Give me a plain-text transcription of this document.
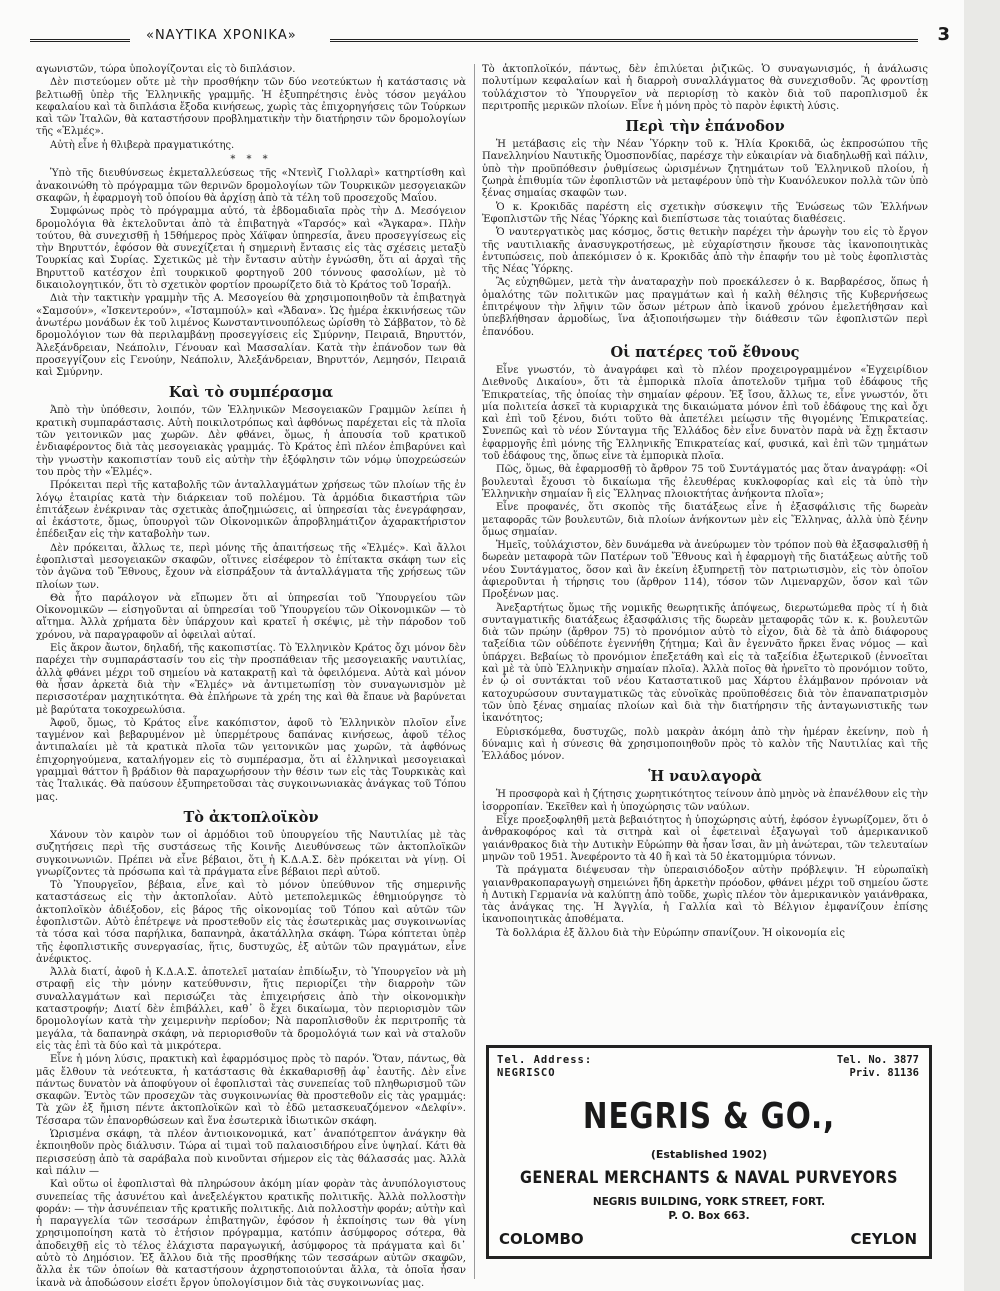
«ΝΑΥΤΙΚΑ ΧΡΟΝΙΚΑ»	3

αγωνιστῶν, τώρα ὑπολογίζονται εἰς τὸ διπλάσιον.

Δὲν πιστεύομεν οὔτε μὲ τὴν προσθήκην τῶν δύο νεοτεύκτων ἡ κατάστασις νὰ βελτιωθῇ ὑπὲρ τῆς Ἑλληνικῆς γραμμῆς. Ἡ ἐξυπηρέτησις ἑνὸς τόσον μεγάλου κεφαλαίου καὶ τὰ διπλάσια ἔξοδα κινήσεως, χωρὶς τὰς ἐπιχορηγήσεις τῶν Τούρκων καὶ τῶν Ἰταλῶν, θὰ καταστήσουν προβληματικὴν τὴν διατήρησιν τῶν δρομολογίων τῆς «Ἑλμές».

Αὐτὴ εἶνε ἡ θλιβερὰ πραγματικότης.

* * *

Ὑπὸ τῆς διευθύνσεως ἐκμεταλλεύσεως τῆς «Ντενὶζ Γιολλαρὶ» κατηρτίσθη καὶ ἀνακοινώθη τὸ πρόγραμμα τῶν θερινῶν δρομολογίων τῶν Τουρκικῶν μεσογειακῶν σκαφῶν, ἡ ἐφαρμογὴ τοῦ ὁποίου θὰ ἀρχίσῃ ἀπὸ τὰ τέλη τοῦ προσεχοῦς Μαΐου.

Συμφώνως πρὸς τὸ πρόγραμμα αὐτό, τὰ ἑβδομαδιαῖα πρὸς τὴν Δ. Μεσόγειον δρομολόγια θὰ ἐκτελοῦνται ἀπὸ τὰ ἐπιβατηγὰ «Ταρσός» καὶ «Ἄγκαρα». Πλὴν τούτου, θὰ συνεχισθῇ ἡ 15θήμερος πρὸς Χάϊφαν ὑπηρεσία, ἄνευ προσεγγίσεως εἰς τὴν Βηρυττόν, ἐφόσον θὰ συνεχίζεται ἡ σημερινὴ ἔντασις εἰς τὰς σχέσεις μεταξὺ Τουρκίας καὶ Συρίας. Σχετικῶς μὲ τὴν ἔντασιν αὐτὴν ἐγνώσθη, ὅτι αἱ ἀρχαὶ τῆς Βηρυττοῦ κατέσχον ἐπὶ τουρκικοῦ φορτηγοῦ 200 τόννους φασολίων, μὲ τὸ δικαιολογητικόν, ὅτι τὸ σχετικὸν φορτίον προωρίζετο διὰ τὸ Κράτος τοῦ Ἰσραήλ.

Διὰ τὴν τακτικὴν γραμμὴν τῆς Α. Μεσογείου θὰ χρησιμοποιηθοῦν τὰ ἐπιβατηγὰ «Σαμσούν», «Ἰσκεντερούν», «Ἰσταμπούλ» καὶ «Ἄδανα». Ὡς ἡμέρα ἐκκινήσεως τῶν ἀνωτέρω μονάδων ἐκ τοῦ λιμένος Κωνσταντινουπόλεως ὡρίσθη τὸ Σάββατον, τὸ δὲ δρομολόγιον των θὰ περιλαμβάνῃ προσεγγίσεις εἰς Σμύρνην, Πειραιᾶ, Βηρυττόν, Ἀλεξάνδρειαν, Νεάπολιν, Γένουαν καὶ Μασσαλίαν. Κατὰ τὴν ἐπάνοδον των θὰ προσεγγίζουν εἰς Γενούην, Νεάπολιν, Ἀλεξάνδρειαν, Βηρυττόν, Λεμησόν, Πειραιᾶ καὶ Σμύρνην.

Καὶ τὸ συμπέρασμα

Ἀπὸ τὴν ὑπόθεσιν, λοιπόν, τῶν Ἑλληνικῶν Μεσογειακῶν Γραμμῶν λείπει ἡ κρατικὴ συμπαράστασις. Αὐτὴ ποικιλοτρόπως καὶ ἀφθόνως παρέχεται εἰς τὰ πλοῖα τῶν γειτονικῶν μας χωρῶν. Δὲν φθάνει, ὅμως, ἡ ἀπουσία τοῦ κρατικοῦ ἐνδιαφέροντος διὰ τὰς μεσογειακὰς γραμμάς. Τὸ Κράτος ἐπὶ πλέον ἐπιβαρύνει καὶ τὴν γνωστὴν κακοπιστίαν τουῦ εἰς αὐτὴν τὴν ἐξόφλησιν τῶν νόμῳ ὑποχρεώσεών του πρὸς τὴν «Ἑλμές».

Πρόκειται περὶ τῆς καταβολῆς τῶν ἀνταλλαγμάτων χρήσεως τῶν πλοίων τῆς ἐν λόγῳ ἑταιρίας κατὰ τὴν διάρκειαν τοῦ πολέμου. Τὰ ἁρμόδια δικαστήρια τῶν ἐπιτάξεων ἐνέκριναν τὰς σχετικὰς ἀποζημιώσεις, αἱ ὑπηρεσίαι τὰς ἐνεγράφησαν, αἱ ἐκάστοτε, ὅμως, ὑπουργοὶ τῶν Οἰκονομικῶν ἀπροβλημάτιζον ἀχαρακτήριστον ἐπέδειξαν εἰς τὴν καταβολὴν των.

Δὲν πρόκειται, ἄλλως τε, περὶ μόνης τῆς ἀπαιτήσεως τῆς «Ἑλμές». Καὶ ἄλλοι ἐφοπλισταὶ μεσογειακῶν σκαφῶν, οἵτινες εἰσέφερον τὸ ἐπίτακτα σκάφη των εἰς τὸν ἀγῶνα τοῦ Ἔθνους, ἔχουν νὰ εἰσπράξουν τὰ ἀνταλλάγματα τῆς χρήσεως τῶν πλοίων των.

Θὰ ἦτο παράλογον νὰ εἴπωμεν ὅτι αἱ ὑπηρεσίαι τοῦ Ὑπουργείου τῶν Οἰκονομικῶν — εἰσηγοῦνται αἱ ὑπηρεσίαι τοῦ Ὑπουργείου τῶν Οἰκονομικῶν — τὸ αἴτημα. Ἀλλὰ χρήματα δὲν ὑπάρχουν καὶ κρατεῖ ἡ σκέψις, μὲ τὴν πάροδον τοῦ χρόνου, νὰ παραγραφοῦν αἱ ὀφειλαὶ αὐταί.

Εἰς ἄκρον ἄωτον, δηλαδή, τῆς κακοπιστίας. Τὸ Ἑλληνικὸν Κράτος ὄχι μόνον δὲν παρέχει τὴν συμπαράστασίν του εἰς τὴν προσπάθειαν τῆς μεσογειακῆς ναυτιλίας, ἀλλὰ φθάνει μέχρι τοῦ σημείου νὰ κατακρατῇ καὶ τὰ ὀφειλόμενα. Αὐτὰ καὶ μόνον θὰ ἦσαν ἀρκετὰ διὰ τὴν «Ἑλμές» νὰ ἀντιμετωπίσῃ τὸν συναγωνισμὸν μὲ περισσοτέραν μαχητικότητα. Θὰ ἐπλήρωνε τὰ χρέη της καὶ θὰ ἔπαυε νὰ βαρύνεται μὲ βαρύτατα τοκοχρεωλύσια.

Ἀφοῦ, ὅμως, τὸ Κράτος εἶνε κακόπιστον, ἀφοῦ τὸ Ἑλληνικὸν πλοῖον εἶνε ταγμένον καὶ βεβαρυμένον μὲ ὑπερμέτρους δαπάνας κινήσεως, ἀφοῦ τέλος ἀντιπαλαίει μὲ τὰ κρατικὰ πλοῖα τῶν γειτονικῶν μας χωρῶν, τὰ ἀφθόνως ἐπιχορηγούμενα, καταλήγομεν εἰς τὸ συμπέρασμα, ὅτι αἱ ἑλληνικαὶ μεσογειακαὶ γραμμαὶ θάττον ἢ βράδιον θὰ παραχωρήσουν τὴν θέσιν των εἰς τὰς Τουρκικὰς καὶ τὰς Ἰταλικάς. Θὰ παύσουν ἐξυπηρετοῦσαι τὰς συγκοινωνιακὰς ἀνάγκας τοῦ Τόπου μας.

Τὸ ἀκτοπλοϊκὸν

Χάνουν τὸν καιρὸν των οἱ ἁρμόδιοι τοῦ ὑπουργείου τῆς Ναυτιλίας μὲ τὰς συζητήσεις περὶ τῆς συστάσεως τῆς Κοινῆς Διευθύνσεως τῶν ἀκτοπλοϊκῶν συγκοινωνιῶν. Πρέπει νὰ εἶνε βέβαιοι, ὅτι ἡ Κ.Δ.Α.Σ. δὲν πρόκειται νὰ γίνῃ. Οἱ γνωρίζοντες τὰ πρόσωπα καὶ τὰ πράγματα εἶνε βέβαιοι περὶ αὐτοῦ.

Τὸ Ὑπουργεῖον, βέβαια, εἶνε καὶ τὸ μόνον ὑπεύθυνον τῆς σημερινῆς καταστάσεως εἰς τὴν ἀκτοπλοΐαν. Αὐτὸ μετεπολεμικῶς ἐθημιούργησε τὸ ἀκτοπλοϊκὸν ἀδιέξοδον, εἰς βάρος τῆς οἰκονομίας τοῦ Τόπου καὶ αὐτῶν τῶν ἐφοπλιστῶν. Αὐτὸ ἐπέτρεψε νὰ προστεθοῦν εἰς τὰς ἐσωτερικὰς μας συγκοινωνίας τὰ τόσα καὶ τόσα παρήλικα, δαπανηρὰ, ἀκατάλληλα σκάφη. Τώρα κόπτεται ὑπὲρ τῆς ἐφοπλιστικῆς συνεργασίας, ἥτις, δυστυχῶς, ἐξ αὐτῶν τῶν πραγμάτων, εἶνε ἀνέφικτος.

Ἀλλὰ διατί, ἀφοῦ ἡ Κ.Δ.Α.Σ. ἀποτελεῖ ματαίαν ἐπιδίωξιν, τὸ Ὑπουργεῖον νὰ μὴ στραφῇ εἰς τὴν μόνην κατεύθυνσιν, ἥτις περιορίζει τὴν διαρροὴν τῶν συναλλαγμάτων καὶ περισώζει τὰς ἐπιχειρήσεις ἀπὸ τὴν οἰκονομικὴν καταστροφήν; Διατί δὲν ἐπιβάλλει, καθ᾽ ὃ ἔχει δικαίωμα, τὸν περιορισμὸν τῶν δρομολογίων κατὰ τὴν χειμερινὴν περίοδον; Νὰ παροπλισθοῦν ἐκ περιτροπῆς τὰ μεγάλα, τὰ δαπανηρὰ σκάφη, νὰ περιορισθοῦν τὰ δρομολόγιά των καὶ νὰ σταλοῦν εἰς τὰς ἐπὶ τὰ δύο καὶ τὰ μικρότερα.

Εἶνε ἡ μόνη λύσις, πρακτικὴ καὶ ἐφαρμόσιμος πρὸς τὸ παρόν. Ὅταν, πάντως, θὰ μᾶς ἔλθουν τὰ νεότευκτα, ἡ κατάστασις θὰ ἐκκαθαρισθῇ ἀφ᾽ ἑαυτῆς. Δὲν εἶνε πάντως δυνατὸν νὰ ἀποφύγουν οἱ ἐφοπλισταὶ τὰς συνεπείας τοῦ πληθωρισμοῦ τῶν σκαφῶν. Ἐντὸς τῶν προσεχῶν τὰς συγκοινωνίας θὰ προστεθοῦν εἰς τὰς γραμμάς: Τὰ χῶν ἐξ ἤμιση πέντε ἀκτοπλοϊκῶν καὶ τὸ ἐδῶ μετασκευαζόμενον «Δελφίν». Τέσσαρα τῶν ἐπανορθώσεων καὶ ἕνα ἐσωτερικὰ ἰδιωτικῶν σκάφη.

Ὡρισμένα σκάφη, τὰ πλέον ἀντιοικονομικά, κατ᾽ ἀναπότρεπτον ἀνάγκην θὰ ἐκποιηθοῦν πρὸς διάλυσιν. Τώρα αἱ τιμαὶ τοῦ παλαιοσιδήρου εἶνε ὑψηλαί. Κάτι θὰ περισσεύσῃ ἀπὸ τὰ σαράβαλα ποὺ κινοῦνται σήμερον εἰς τὰς θάλασσάς μας. Ἀλλὰ καὶ πάλιν —

Καὶ οὕτω οἱ ἐφοπλισταὶ θὰ πληρώσουν ἀκόμη μίαν φορὰν τὰς ἀνυπόλογιστους συνεπείας τῆς ἀσυνέτου καὶ ἀνεξελέγκτου κρατικῆς πολιτικῆς. Ἀλλὰ πολλοστὴν φοράν: — τὴν ἀσυνέπειαν τῆς κρατικῆς πολιτικῆς. Διὰ πολλοστὴν φοράν; αὐτὴν καὶ ἡ παραγγελία τῶν τεσσάρων ἐπιβατηγῶν, ἐφόσον ἡ ἐκποίησις των θὰ γίνη χρησιμοποίηση κατὰ τὸ ἐτήσιον πρόγραμμα, κατόπιν ἀσύμφορος σότερα, θὰ ἀποδειχθῇ εἰς τὸ τέλος ἐλάχιστα παραγωγική, ἀσύμφορος τὰ πράγματα καὶ δι᾽ αὐτὸ τὸ Δημόσιον. Ἐξ ἄλλου διὰ τῆς προσθήκης τῶν τεσσάρων αὐτῶν σκαφῶν, ἄλλα ἐκ τῶν ὁποίων θὰ καταστήσουν ἀχρηστοποιούνται ἄλλα, τὰ ὁποῖα ἦσαν ἱκανὰ νὰ ἀποδώσουν εἰσέτι ἔργον ὑπολογίσιμον διὰ τὰς συγκοινωνίας μας.

Τὸ ἀκτοπλοϊκόν, πάντως, δὲν ἐπιλύεται ῥιζικῶς. Ὁ συναγωνισμός, ἡ ἀνάλωσις πολυτίμων κεφαλαίων καὶ ἡ διαρροὴ συναλλάγματος θὰ συνεχισθοῦν. Ἂς φροντίσῃ τοὐλάχιστον τὸ Ὑπουργεῖον νὰ περιορίσῃ τὸ κακὸν διὰ τοῦ παροπλισμοῦ ἐκ περιτροπῆς μερικῶν πλοίων. Εἶνε ἡ μόνη πρὸς τὸ παρὸν ἐφικτὴ λύσις.

Περὶ τὴν ἐπάνοδον

Ἡ μετάβασις εἰς τὴν Νέαν Ὑόρκην τοῦ κ. Ἠλία Κροκιδᾶ, ὡς ἐκπροσώπου τῆς Πανελληνίου Ναυτικῆς Ὁμοσπονδίας, παρέσχε τὴν εὐκαιρίαν νὰ διαδηλωθῇ καὶ πάλιν, ὑπὸ τὴν προϋπόθεσιν ῥυθμίσεως ὡρισμένων ζητημάτων τοῦ Ἑλληνικοῦ πλοίου, ἡ ζωηρὰ ἐπιθυμία τῶν ἐφοπλιστῶν νὰ μεταφέρουν ὑπὸ τὴν Κυανόλευκον πολλὰ τῶν ὑπὸ ξένας σημαίας σκαφῶν των.

Ὁ κ. Κροκιδᾶς παρέστη εἰς σχετικὴν σύσκεψιν τῆς Ἑνώσεως τῶν Ἑλλήνων Ἐφοπλιστῶν τῆς Νέας Ὑόρκης καὶ διεπίστωσε τὰς τοιαύτας διαθέσεις.

Ὁ ναυτεργατικὸς μας κόσμος, ὅστις θετικὴν παρέχει τὴν ἀρωγὴν του εἰς τὸ ἔργον τῆς ναυτιλιακῆς ἀνασυγκροτήσεως, μὲ εὐχαρίστησιν ἤκουσε τὰς ἱκανοποιητικὰς ἐντυπώσεις, ποὺ ἀπεκόμισεν ὁ κ. Κροκιδᾶς ἀπὸ τὴν ἐπαφήν του μὲ τοὺς ἐφοπλιστὰς τῆς Νέας Ὑόρκης.

Ἂς εὐχηθῶμεν, μετὰ τὴν ἀναταραχὴν ποὺ προεκάλεσεν ὁ κ. Βαρβαρέσος, ὅπως ἡ ὁμαλότης τῶν πολιτικῶν μας πραγμάτων καὶ ἡ καλὴ θέλησις τῆς Κυβερνήσεως ἐπιτρέψουν τὴν λῆψιν τῶν ὅσων μέτρων ἀπὸ ἱκανοῦ χρόνου ἐμελετήθησαν καὶ ὑπεβλήθησαν ἁρμοδίως, ἵνα ἀξιοποιήσωμεν τὴν διάθεσιν τῶν ἐφοπλιστῶν περὶ ἐπανόδου.

Οἱ πατέρες τοῦ ἔθνους

Εἶνε γνωστόν, τὸ ἀναγράφει καὶ τὸ πλέον προχειρογραμμένον «Ἐγχειρίδιον Διεθνοῦς Δικαίου», ὅτι τὰ ἐμπορικὰ πλοῖα ἀποτελοῦν τμῆμα τοῦ ἐδάφους τῆς Ἐπικρατείας, τῆς ὁποίας τὴν σημαίαν φέρουν. Ἐξ ἴσου, ἄλλως τε, εἶνε γνωστόν, ὅτι μία πολιτεία ἀσκεῖ τὰ κυριαρχικὰ της δικαιώματα μόνον ἐπὶ τοῦ ἐδάφους της καὶ ὄχι καὶ ἐπὶ τοῦ ξένου, διότι τοῦτο θὰ ἀπετέλει μείωσιν τῆς θιγομένης Ἐπικρατείας. Συνεπῶς καὶ τὸ νέον Σύνταγμα τῆς Ἑλλάδος δὲν εἶνε δυνατὸν παρὰ νὰ ἔχῃ ἔκτασιν ἐφαρμογῆς ἐπὶ μόνης τῆς Ἑλληνικῆς Ἐπικρατείας καί, φυσικά, καὶ ἐπὶ τῶν τμημάτων τοῦ ἐδάφους της, ὅπως εἶνε τὰ ἐμπορικὰ πλοῖα.

Πῶς, ὅμως, θὰ ἐφαρμοσθῇ τὸ ἄρθρον 75 τοῦ Συντάγματός μας ὅταν ἀναγράφῃ: «Οἱ βουλευταὶ ἔχουσι τὸ δικαίωμα τῆς ἐλευθέρας κυκλοφορίας καὶ εἰς τὰ ὑπὸ τὴν Ἑλληνικὴν σημαίαν ἢ εἰς Ἕλληνας πλοιοκτήτας ἀνήκοντα πλοῖα»;

Εἶνε προφανές, ὅτι σκοπὸς τῆς διατάξεως εἶνε ἡ ἐξασφάλισις τῆς δωρεὰν μεταφορᾶς τῶν βουλευτῶν, διὰ πλοίων ἀνήκοντων μὲν εἰς Ἕλληνας, ἀλλὰ ὑπὸ ξένην ὅμως σημαίαν.

Ἡμεῖς, τοὐλάχιστον, δὲν δυνάμεθα νὰ ἀνεύρωμεν τὸν τρόπον ποὺ θὰ ἐξασφαλισθῇ ἡ δωρεὰν μεταφορὰ τῶν Πατέρων τοῦ Ἔθνους καὶ ἡ ἐφαρμογὴ τῆς διατάξεως αὐτῆς τοῦ νέου Συντάγματος, ὅσον καὶ ἂν ἐκείνη ἐξυπηρετῇ τὸν πατριωτισμὸν, εἰς τὸν ὁποῖον ἀφιεροῦνται ἡ τήρησις του (ἄρθρον 114), τόσον τῶν Λιμεναρχῶν, ὅσον καὶ τῶν Προξένων μας.

Ἀνεξαρτήτως ὅμως τῆς νομικῆς θεωρητικῆς ἀπόψεως, διερωτώμεθα πρὸς τί ἡ διὰ συνταγματικῆς διατάξεως ἐξασφάλισις τῆς δωρεὰν μεταφορᾶς τῶν κ. κ. βουλευτῶν διὰ τῶν πρώην (ἄρθρον 75) τὸ προνόμιον αὐτὸ τὸ εἶχον, διὰ δὲ τὰ ἀπὸ διάφορους ταξείδια τῶν οὐδέποτε ἐγεννήθη ζήτημα; Καὶ ἂν ἐγεννᾶτο ἤρκει ἕνας νόμος — καὶ ὑπάρχει. Βεβαίως τὸ προνόμιον ἐπεξετάθη καὶ εἰς τὰ ταξείδια ἐξωτερικοῦ (ἐννοεῖται καὶ μὲ τὰ ὑπὸ Ἑλληνικὴν σημαίαν πλοῖα). Ἀλλὰ ποῖος θὰ ἠρνεῖτο τὸ προνόμιον τοῦτο, ἐν ᾧ οἱ συντάκται τοῦ νέου Καταστατικοῦ μας Χάρτου ἐλάμβανον πρόνοιαν νὰ κατοχυρώσουν συνταγματικῶς τὰς εὐνοϊκὰς προϋποθέσεις διὰ τὸν ἐπαναπατρισμὸν τῶν ὑπὸ ξένας σημαίας πλοίων καὶ διὰ τὴν διατήρησιν τῆς ἀνταγωνιστικῆς των ἱκανότητος;

Εὑρισκόμεθα, δυστυχῶς, πολὺ μακρὰν ἀκόμη ἀπὸ τὴν ἡμέραν ἐκείνην, ποὺ ἡ δύναμις καὶ ἡ σύνεσις θὰ χρησιμοποιηθοῦν πρὸς τὸ καλὸν τῆς Ναυτιλίας καὶ τῆς Ἑλλάδος μόνον.

Ἡ ναυλαγορὰ

Ἡ προσφορὰ καὶ ἡ ζήτησις χωρητικότητος τείνουν ἀπὸ μηνὸς νὰ ἐπανέλθουν εἰς τὴν ἰσορροπίαν. Ἐκεῖθεν καὶ ἡ ὑποχώρησις τῶν ναύλων.

Εἶχε προεξοφληθῆ μετὰ βεβαιότητος ἡ ὑποχώρησις αὐτή, ἐφόσον ἐγνωρίζομεν, ὅτι ὁ ἀνθρακοφόρος καὶ τὰ σιτηρὰ καὶ οἱ ἐφετειναὶ ἐξαγωγαὶ τοῦ ἀμερικανικοῦ γαιάνθρακος διὰ τὴν Δυτικὴν Εὐρώπην θὰ ἦσαν ἴσαι, ἂν μὴ ἀνώτεραι, τῶν τελευταίων μηνῶν τοῦ 1951. Ἀνεφέροντο τὰ 40 ἢ καὶ τὰ 50 ἑκατομμύρια τόννων.

Τὰ πράγματα διέψευσαν τὴν ὑπεραισιόδοξον αὐτὴν πρόβλεψιν. Ἡ εὐρωπαϊκὴ γαιανθρακοπαραγωγὴ σημειώνει ἤδη ἀρκετὴν πρόοδον, φθάνει μέχρι τοῦ σημείου ὥστε ἡ Δυτικὴ Γερμανία νὰ καλύπτῃ ἀπὸ τοῦδε, χωρὶς πλέον τὸν ἀμερικανικὸν γαιάνθρακα, τὰς ἀνάγκας της. Ἡ Ἀγγλία, ἡ Γαλλία καὶ τὸ Βέλγιον ἐμφανίζουν ἐπίσης ἱκανοποιητικὰς ἀποθέματα.

Τὰ δολλάρια ἐξ ἄλλου διὰ τὴν Εὐρώπην σπανίζουν. Ἡ οἰκονομία εἰς

Tel. Address:
NEGRISCO
Tel. No. 3877
Priv. 81136
NEGRIS & GO.,
(Established 1902)
GENERAL MERCHANTS & NAVAL PURVEYORS
NEGRIS BUILDING, YORK STREET, FORT.
P. O. Box 663.
COLOMBO	CEYLON
